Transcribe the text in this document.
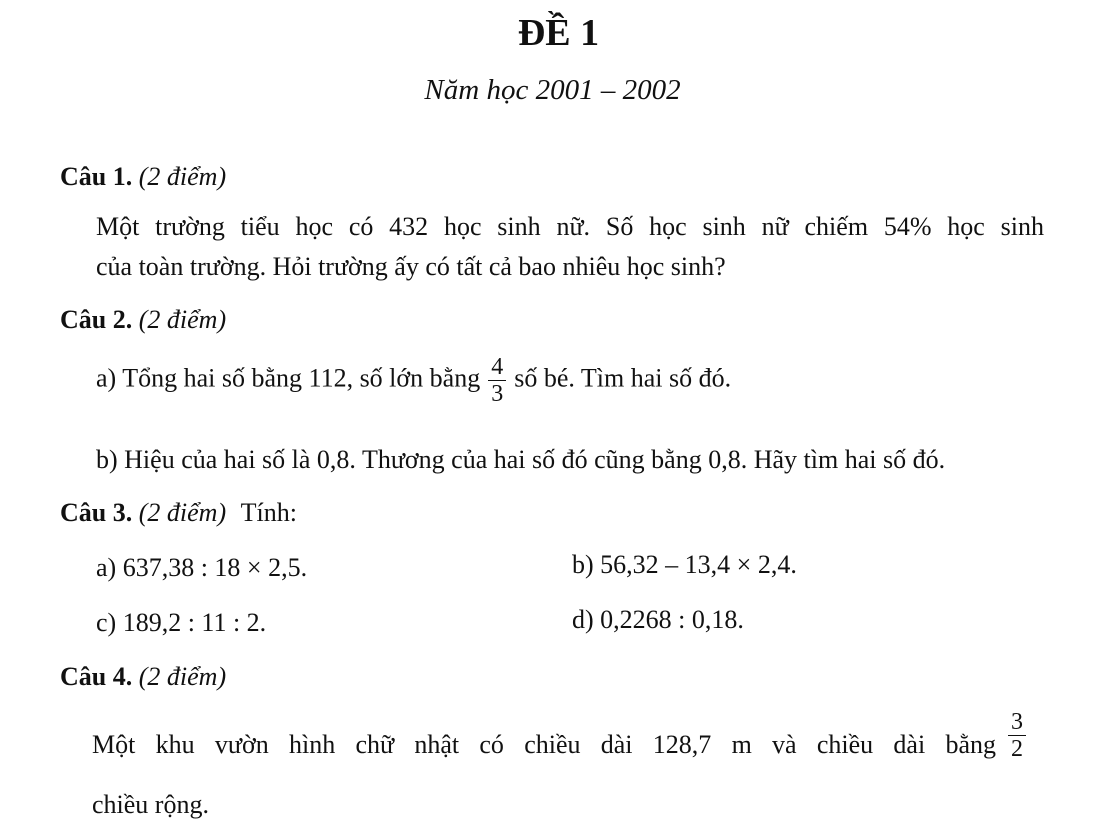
ĐỀ 1
Năm học 2001 – 2002
Câu 1. (2 điểm)
Một trường tiểu học có 432 học sinh nữ. Số học sinh nữ chiếm 54% học sinh
của toàn trường. Hỏi trường ấy có tất cả bao nhiêu học sinh?
Câu 2. (2 điểm)
a) Tổng hai số bằng 112, số lớn bằng $\frac{4}{3}$ số bé. Tìm hai số đó.
b) Hiệu của hai số là 0,8. Thương của hai số đó cũng bằng 0,8. Hãy tìm hai số đó.
Câu 3. (2 điểm) Tính:
a) 637,38 : 18 × 2,5.	b) 56,32 – 13,4 × 2,4.
c) 189,2 : 11 : 2.	d) 0,2268 : 0,18.
Câu 4. (2 điểm)
Một khu vườn hình chữ nhật có chiều dài 128,7 m và chiều dài bằng $\frac{3}{2}$
chiều rộng.
